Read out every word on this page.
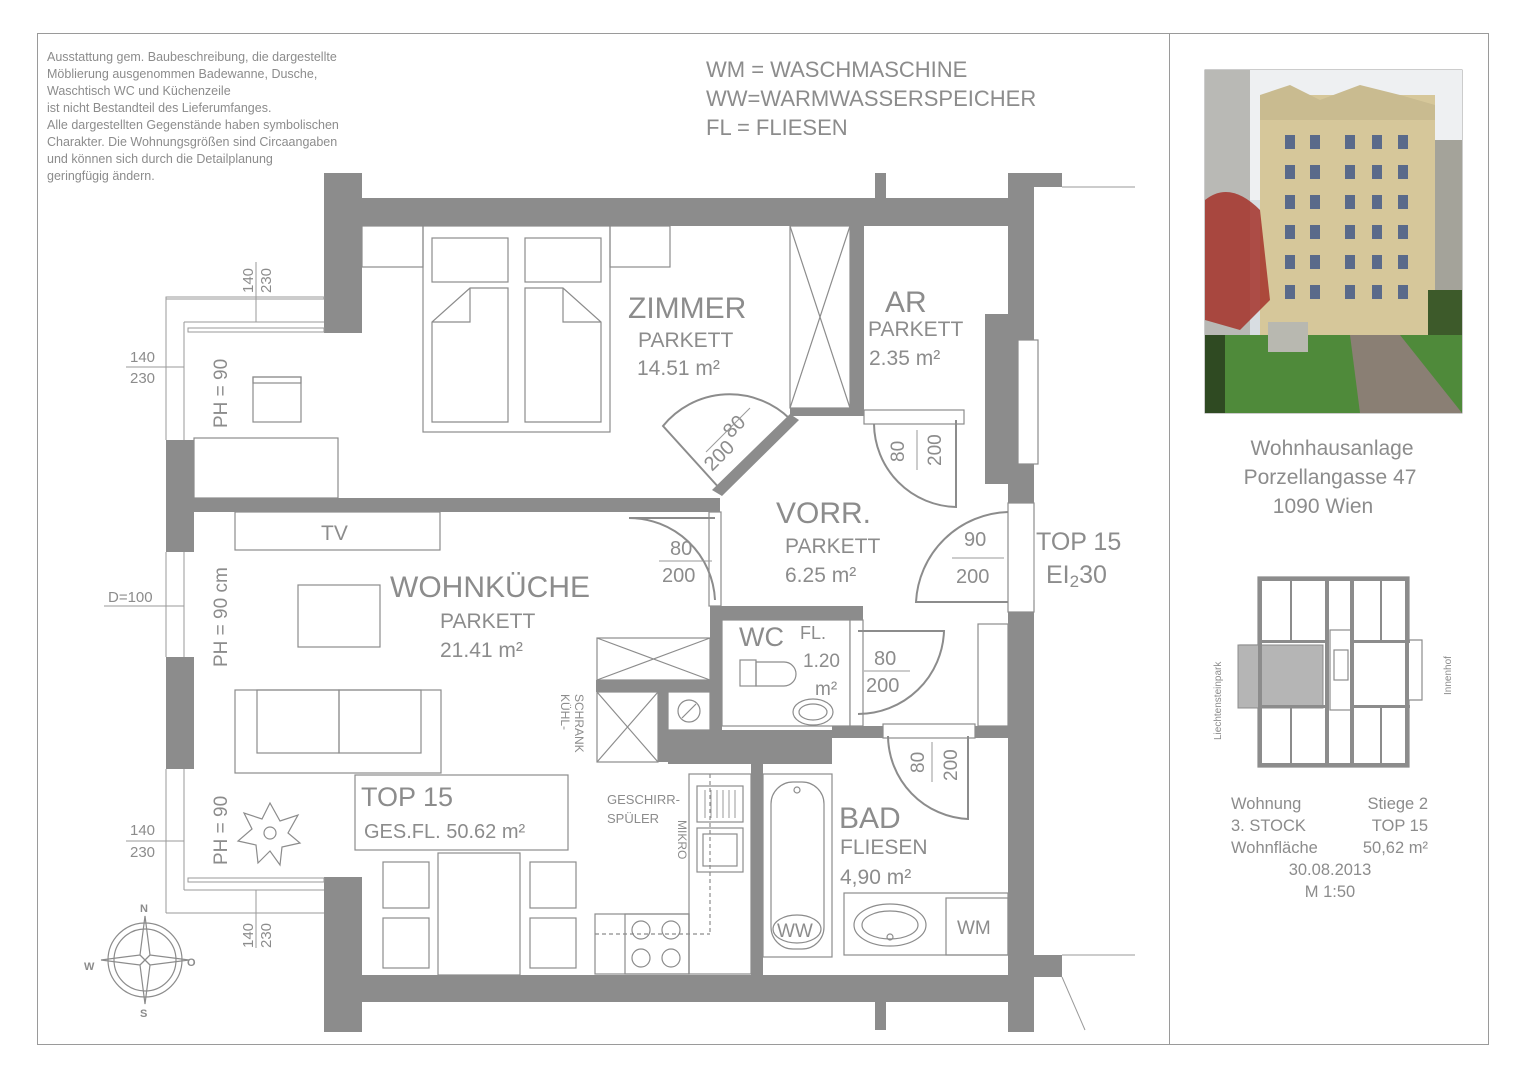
Ausstattung gem. Baubeschreibung, die dargestellte
Möblierung ausgenommen Badewanne, Dusche,
Waschtisch WC und Küchenzeile
ist nicht Bestandteil des Lieferumfanges.
Alle dargestellten Gegenstände haben symbolischen
Charakter. Die Wohnungsgrößen sind Circaangaben
und können sich durch die Detailplanung
geringfügig ändern.
WM = WASCHMASCHINE
WW=WARMWASSERSPEICHER
FL = FLIESEN
140 230
140
230
D=100
140
230
140 230
PH = 90
PH = 90 cm
PH = 90
TV
TOP 15
GES.FL. 50.62 m²
KÜHL- SCHRANK
GESCHIRR-
SPÜLER
MIKRO
WC FL.
1.20
m²
WW	WM
80
200	80 200
80
200
90
200
80
200
80 200
ZIMMER
PARKETT
14.51 m²
AR
PARKETT
2.35 m²
VORR.
PARKETT
6.25 m²
WOHNKÜCHE
PARKETT
21.41 m²
BAD
FLIESEN
4,90 m²
TOP 15
EI230
N
S
W	O
Wohnhausanlage
Porzellangasse 47
1090 Wien
Liechtensteinpark	Innenhof
Wohnung	Stiege 2
3. STOCK	TOP 15
Wohnfläche	50,62 m²
30.08.2013
M 1:50
